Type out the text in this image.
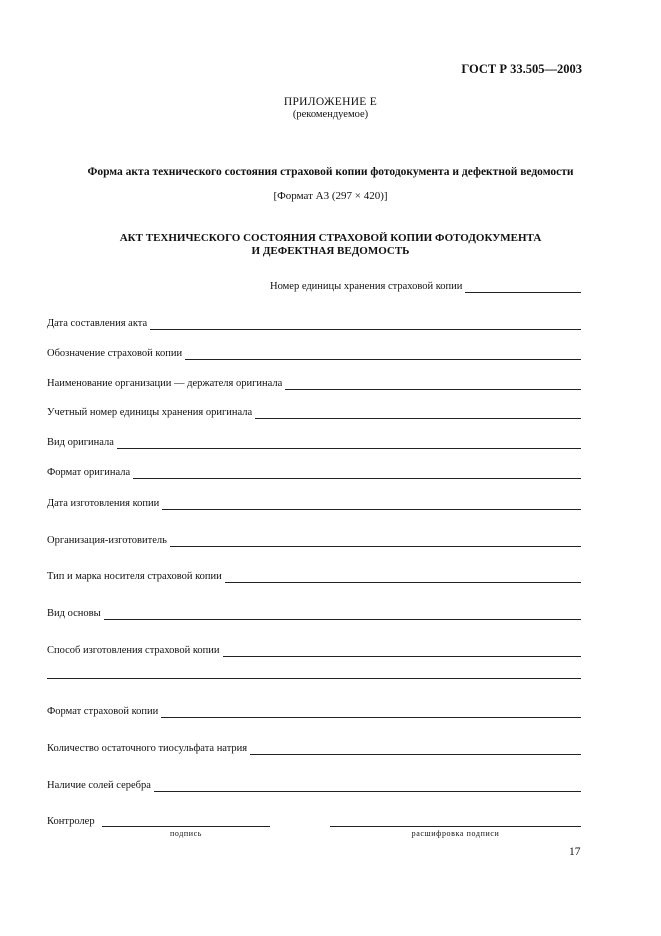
ГОСТ Р 33.505—2003
ПРИЛОЖЕНИЕ Е
(рекомендуемое)
Форма акта технического состояния страховой копии фотодокумента и дефектной ведомости
[Формат А3 (297 × 420)]
АКТ ТЕХНИЧЕСКОГО СОСТОЯНИЯ СТРАХОВОЙ КОПИИ ФОТОДОКУМЕНТА
И ДЕФЕКТНАЯ ВЕДОМОСТЬ
Номер единицы хранения страховой копии
Дата составления акта
Обозначение страховой копии
Наименование организации — держателя оригинала
Учетный номер единицы хранения оригинала
Вид оригинала
Формат оригинала
Дата изготовления копии
Организация-изготовитель
Тип и марка носителя страховой копии
Вид основы
Способ изготовления страховой копии
Формат страховой копии
Количество остаточного тиосульфата натрия
Наличие солей серебра
Контролер
подпись	расшифровка подписи
17
